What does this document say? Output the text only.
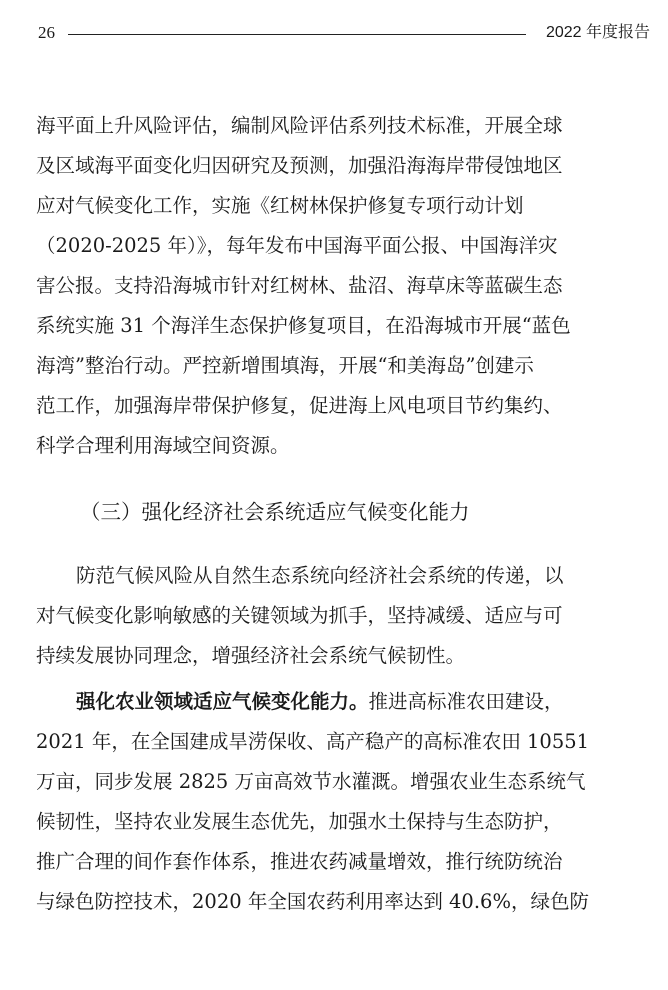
26	2022 年度报告
海平面上升风险评估，编制风险评估系列技术标准，开展全球
及区域海平面变化归因研究及预测，加强沿海海岸带侵蚀地区
应对气候变化工作，实施《红树林保护修复专项行动计划
（2020-2025 年）》，每年发布中国海平面公报、中国海洋灾
害公报。支持沿海城市针对红树林、盐沼、海草床等蓝碳生态
系统实施 31 个海洋生态保护修复项目，在沿海城市开展“蓝色
海湾”整治行动。严控新增围填海，开展“和美海岛”创建示
范工作，加强海岸带保护修复，促进海上风电项目节约集约、
科学合理利用海域空间资源。
（三）强化经济社会系统适应气候变化能力
防范气候风险从自然生态系统向经济社会系统的传递，以
对气候变化影响敏感的关键领域为抓手，坚持减缓、适应与可
持续发展协同理念，增强经济社会系统气候韧性。
强化农业领域适应气候变化能力。推进高标准农田建设，
2021 年，在全国建成旱涝保收、高产稳产的高标准农田 10551
万亩，同步发展 2825 万亩高效节水灌溉。增强农业生态系统气
候韧性，坚持农业发展生态优先，加强水土保持与生态防护，
推广合理的间作套作体系，推进农药减量增效，推行统防统治
与绿色防控技术，2020 年全国农药利用率达到 40.6%，绿色防
